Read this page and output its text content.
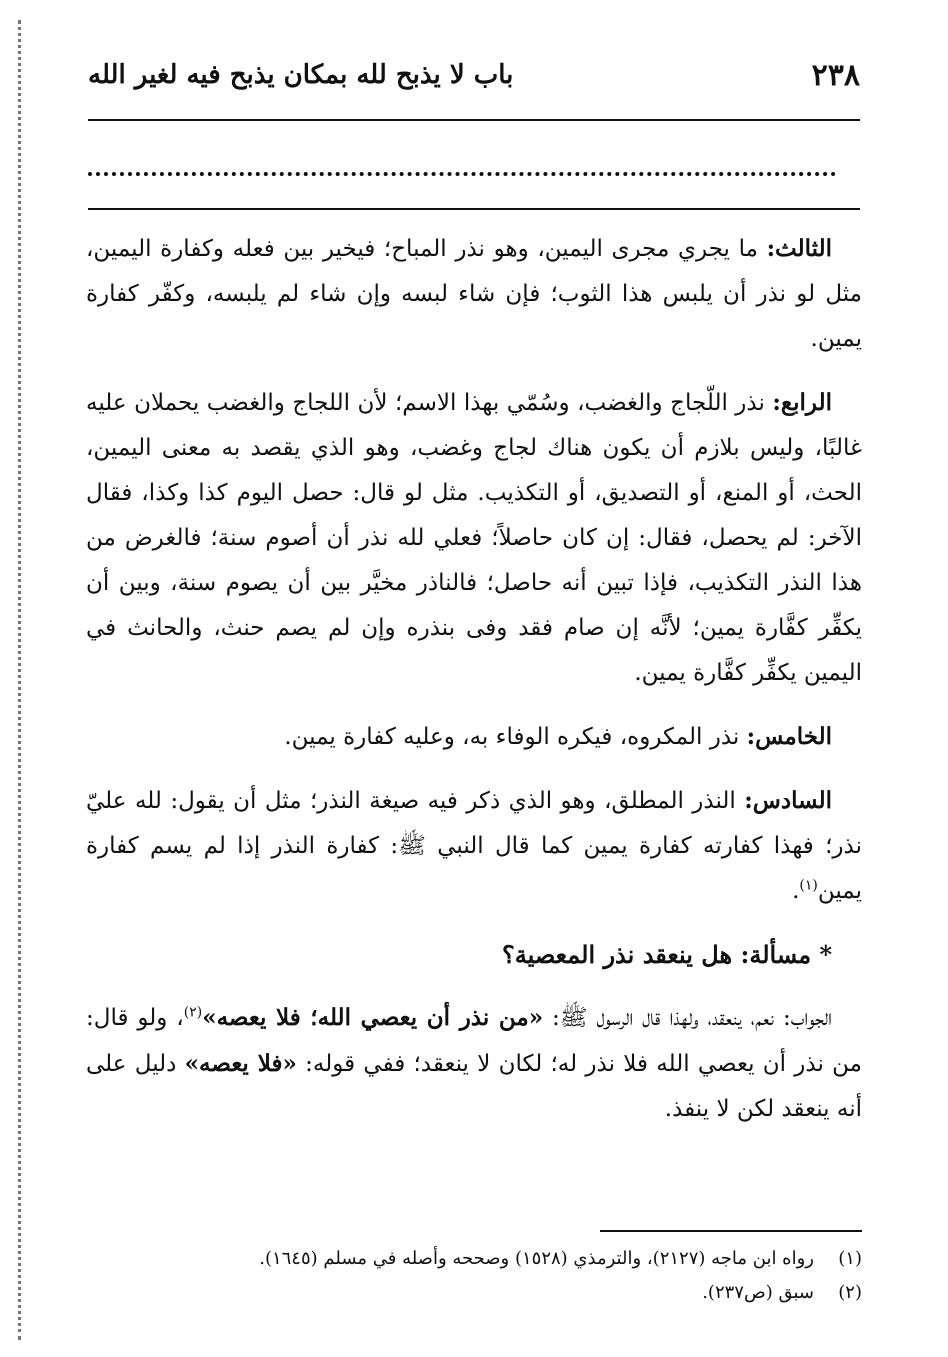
٢٣٨
باب لا يذبح لله بمكان يذبح فيه لغير الله

الثالث: ما يجري مجرى اليمين، وهو نذر المباح؛ فيخير بين فعله وكفارة اليمين، مثل لو نذر أن يلبس هذا الثوب؛ فإن شاء لبسه وإن شاء لم يلبسه، وكفّر كفارة يمين.

الرابع: نذر اللّجاج والغضب، وسُمّي بهذا الاسم؛ لأن اللجاج والغضب يحملان عليه غالبًا، وليس بلازم أن يكون هناك لجاج وغضب، وهو الذي يقصد به معنى اليمين، الحث، أو المنع، أو التصديق، أو التكذيب. مثل لو قال: حصل اليوم كذا وكذا، فقال الآخر: لم يحصل، فقال: إن كان حاصلاً؛ فعلي لله نذر أن أصوم سنة؛ فالغرض من هذا النذر التكذيب، فإذا تبين أنه حاصل؛ فالناذر مخيَّر بين أن يصوم سنة، وبين أن يكفِّر كفَّارة يمين؛ لأنَّه إن صام فقد وفى بنذره وإن لم يصم حنث، والحانث في اليمين يكفِّر كفَّارة يمين.

الخامس: نذر المكروه، فيكره الوفاء به، وعليه كفارة يمين.

السادس: النذر المطلق، وهو الذي ذكر فيه صيغة النذر؛ مثل أن يقول: لله عليّ نذر؛ فهذا كفارته كفارة يمين كما قال النبي ﷺ: كفارة النذر إذا لم يسم كفارة يمين$^{(١)}$.

* مسألة: هل ينعقد نذر المعصية؟

الجواب: نعم، ينعقد، ولهذا قال الرسول ﷺ: «من نذر أن يعصي الله؛ فلا يعصه»$^{(٢)}$، ولو قال: من نذر أن يعصي الله فلا نذر له؛ لكان لا ينعقد؛ ففي قوله: «فلا يعصه» دليل على أنه ينعقد لكن لا ينفذ.

(١)
رواه ابن ماجه (٢١٢٧)، والترمذي (١٥٢٨) وصححه وأصله في مسلم (١٦٤٥).
(٢)
سبق (ص٢٣٧).
